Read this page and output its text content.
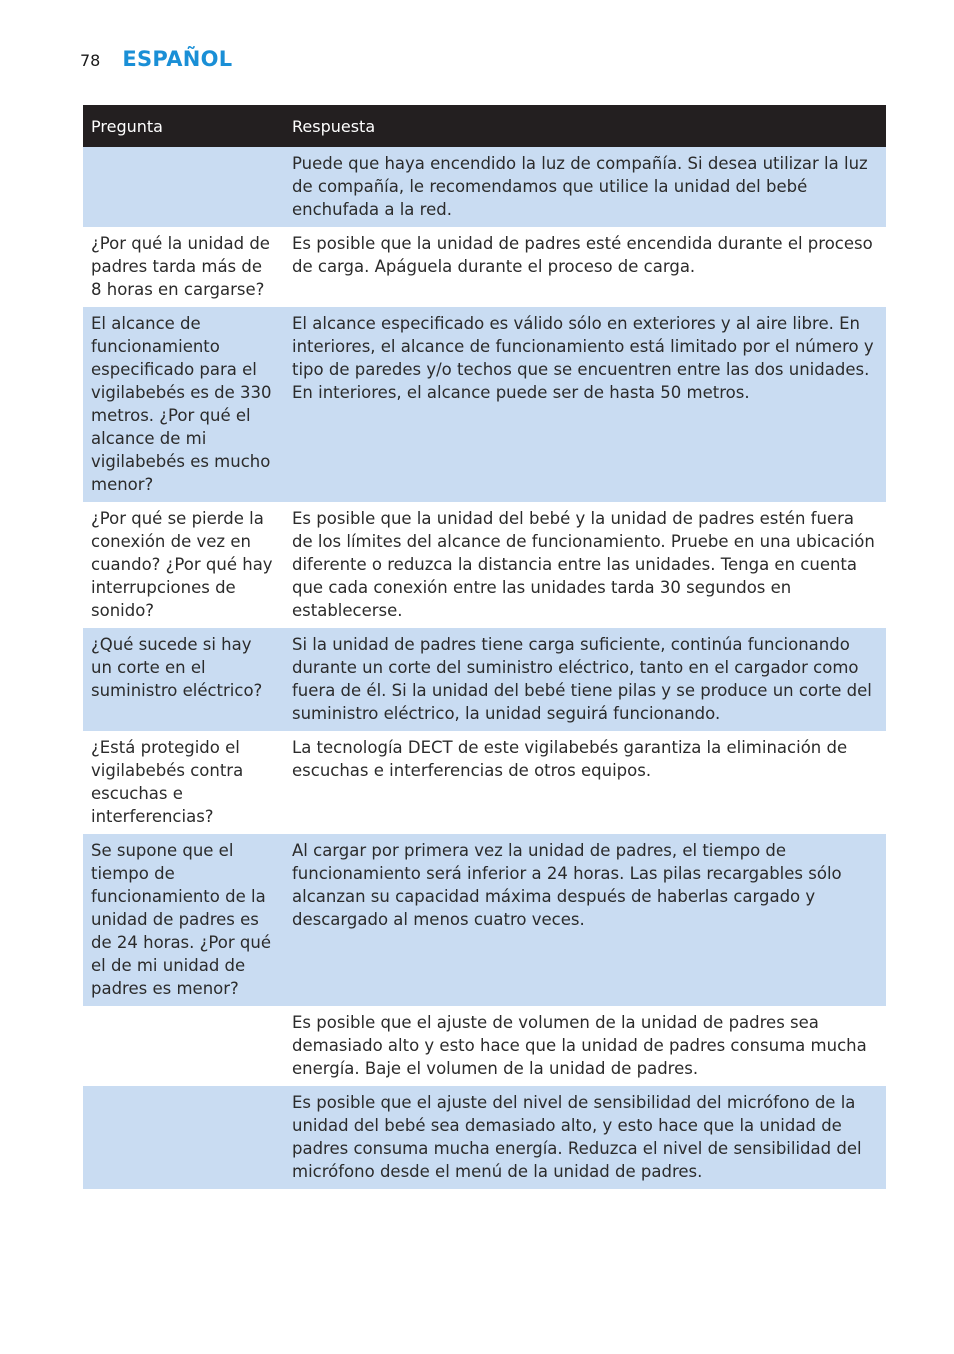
78 ESPAÑOL
Pregunta	Respuesta
	Puede que haya encendido la luz de compañía. Si desea utilizar la luz de compañía, le recomendamos que utilice la unidad del bebé enchufada a la red.
¿Por qué la unidad de padres tarda más de 8 horas en cargarse?	Es posible que la unidad de padres esté encendida durante el proceso de carga. Apáguela durante el proceso de carga.
El alcance de funcionamiento especificado para el vigilabebés es de 330 metros. ¿Por qué el alcance de mi vigilabebés es mucho menor?	El alcance especificado es válido sólo en exteriores y al aire libre. En interiores, el alcance de funcionamiento está limitado por el número y tipo de paredes y/o techos que se encuentren entre las dos unidades. En interiores, el alcance puede ser de hasta 50 metros.
¿Por qué se pierde la conexión de vez en cuando? ¿Por qué hay interrupciones de sonido?	Es posible que la unidad del bebé y la unidad de padres estén fuera de los límites del alcance de funcionamiento. Pruebe en una ubicación diferente o reduzca la distancia entre las unidades. Tenga en cuenta que cada conexión entre las unidades tarda 30 segundos en establecerse.
¿Qué sucede si hay un corte en el suministro eléctrico?	Si la unidad de padres tiene carga suficiente, continúa funcionando durante un corte del suministro eléctrico, tanto en el cargador como fuera de él. Si la unidad del bebé tiene pilas y se produce un corte del suministro eléctrico, la unidad seguirá funcionando.
¿Está protegido el vigilabebés contra escuchas e interferencias?	La tecnología DECT de este vigilabebés garantiza la eliminación de escuchas e interferencias de otros equipos.
Se supone que el tiempo de funcionamiento de la unidad de padres es de 24 horas. ¿Por qué el de mi unidad de padres es menor?	Al cargar por primera vez la unidad de padres, el tiempo de funcionamiento será inferior a 24 horas. Las pilas recargables sólo alcanzan su capacidad máxima después de haberlas cargado y descargado al menos cuatro veces.
	Es posible que el ajuste de volumen de la unidad de padres sea demasiado alto y esto hace que la unidad de padres consuma mucha energía. Baje el volumen de la unidad de padres.
	Es posible que el ajuste del nivel de sensibilidad del micrófono de la unidad del bebé sea demasiado alto, y esto hace que la unidad de padres consuma mucha energía. Reduzca el nivel de sensibilidad del micrófono desde el menú de la unidad de padres.
